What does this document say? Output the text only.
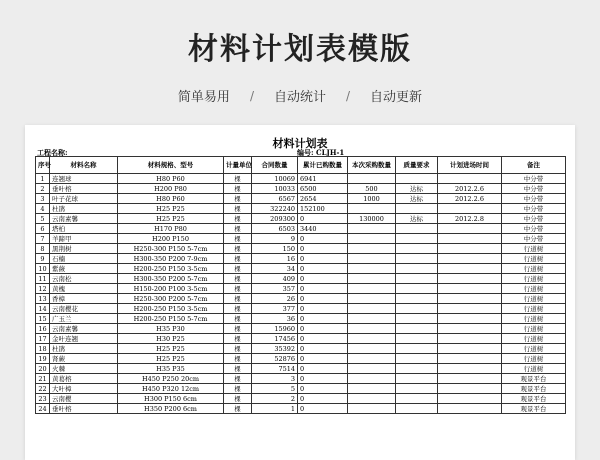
材料计划表模版
简单易用 / 自动统计 / 自动更新
材料计划表
工程名称:	编号: CLJH-1
序号	材料名称	材料规格、型号	计量单位	合同数量	累计已购数量	本次采购数量	质量要求	计划进场时间	备注
1	连翘球	H80 P60	棵	10069	6941				中分带
2	垂叶榕	H200 P80	棵	10033	6500	500	达标	2012.2.6	中分带
3	叶子花球	H80 P60	棵	6567	2654	1000	达标	2012.2.6	中分带
4	杜鹃	H25 P25	棵	322240	152100				中分带
5	云南素馨	H25 P25	棵	209300	0	130000	达标	2012.2.8	中分带
6	塔柏	H170 P80	棵	6503	3440				中分带
7	羊蹄甲	H200 P150	棵	9	0				中分带
8	黑荆树	H250-300 P150 5-7cm	棵	150	0				行道树
9	石楠	H300-350 P200 7-9cm	棵	16	0				行道树
10	紫薇	H200-250 P150 3-5cm	棵	34	0				行道树
11	云南松	H300-350 P200 5-7cm	棵	409	0				行道树
12	黄槐	H150-200 P100 3-5cm	棵	357	0				行道树
13	香樟	H250-300 P200 5-7cm	棵	26	0				行道树
14	云南樱花	H200-250 P150 3-5cm	棵	377	0				行道树
15	广玉兰	H200-250 P150 5-7cm	棵	36	0				行道树
16	云南素馨	H35 P30	棵	15960	0				行道树
17	金叶连翘	H30 P25	棵	17456	0				行道树
18	杜鹃	H25 P25	棵	35392	0				行道树
19	肾蕨	H25 P25	棵	52876	0				行道树
20	火棘	H35 P35	棵	7514	0				行道树
21	黄葛榕	H450 P250 20cm	棵	3	0				观景平台
22	大叶樟	H450 P320 12cm	棵	5	0				观景平台
23	云南樱	H300 P150 6cm	棵	2	0				观景平台
24	垂叶榕	H350 P200 6cm	棵	1	0				观景平台
